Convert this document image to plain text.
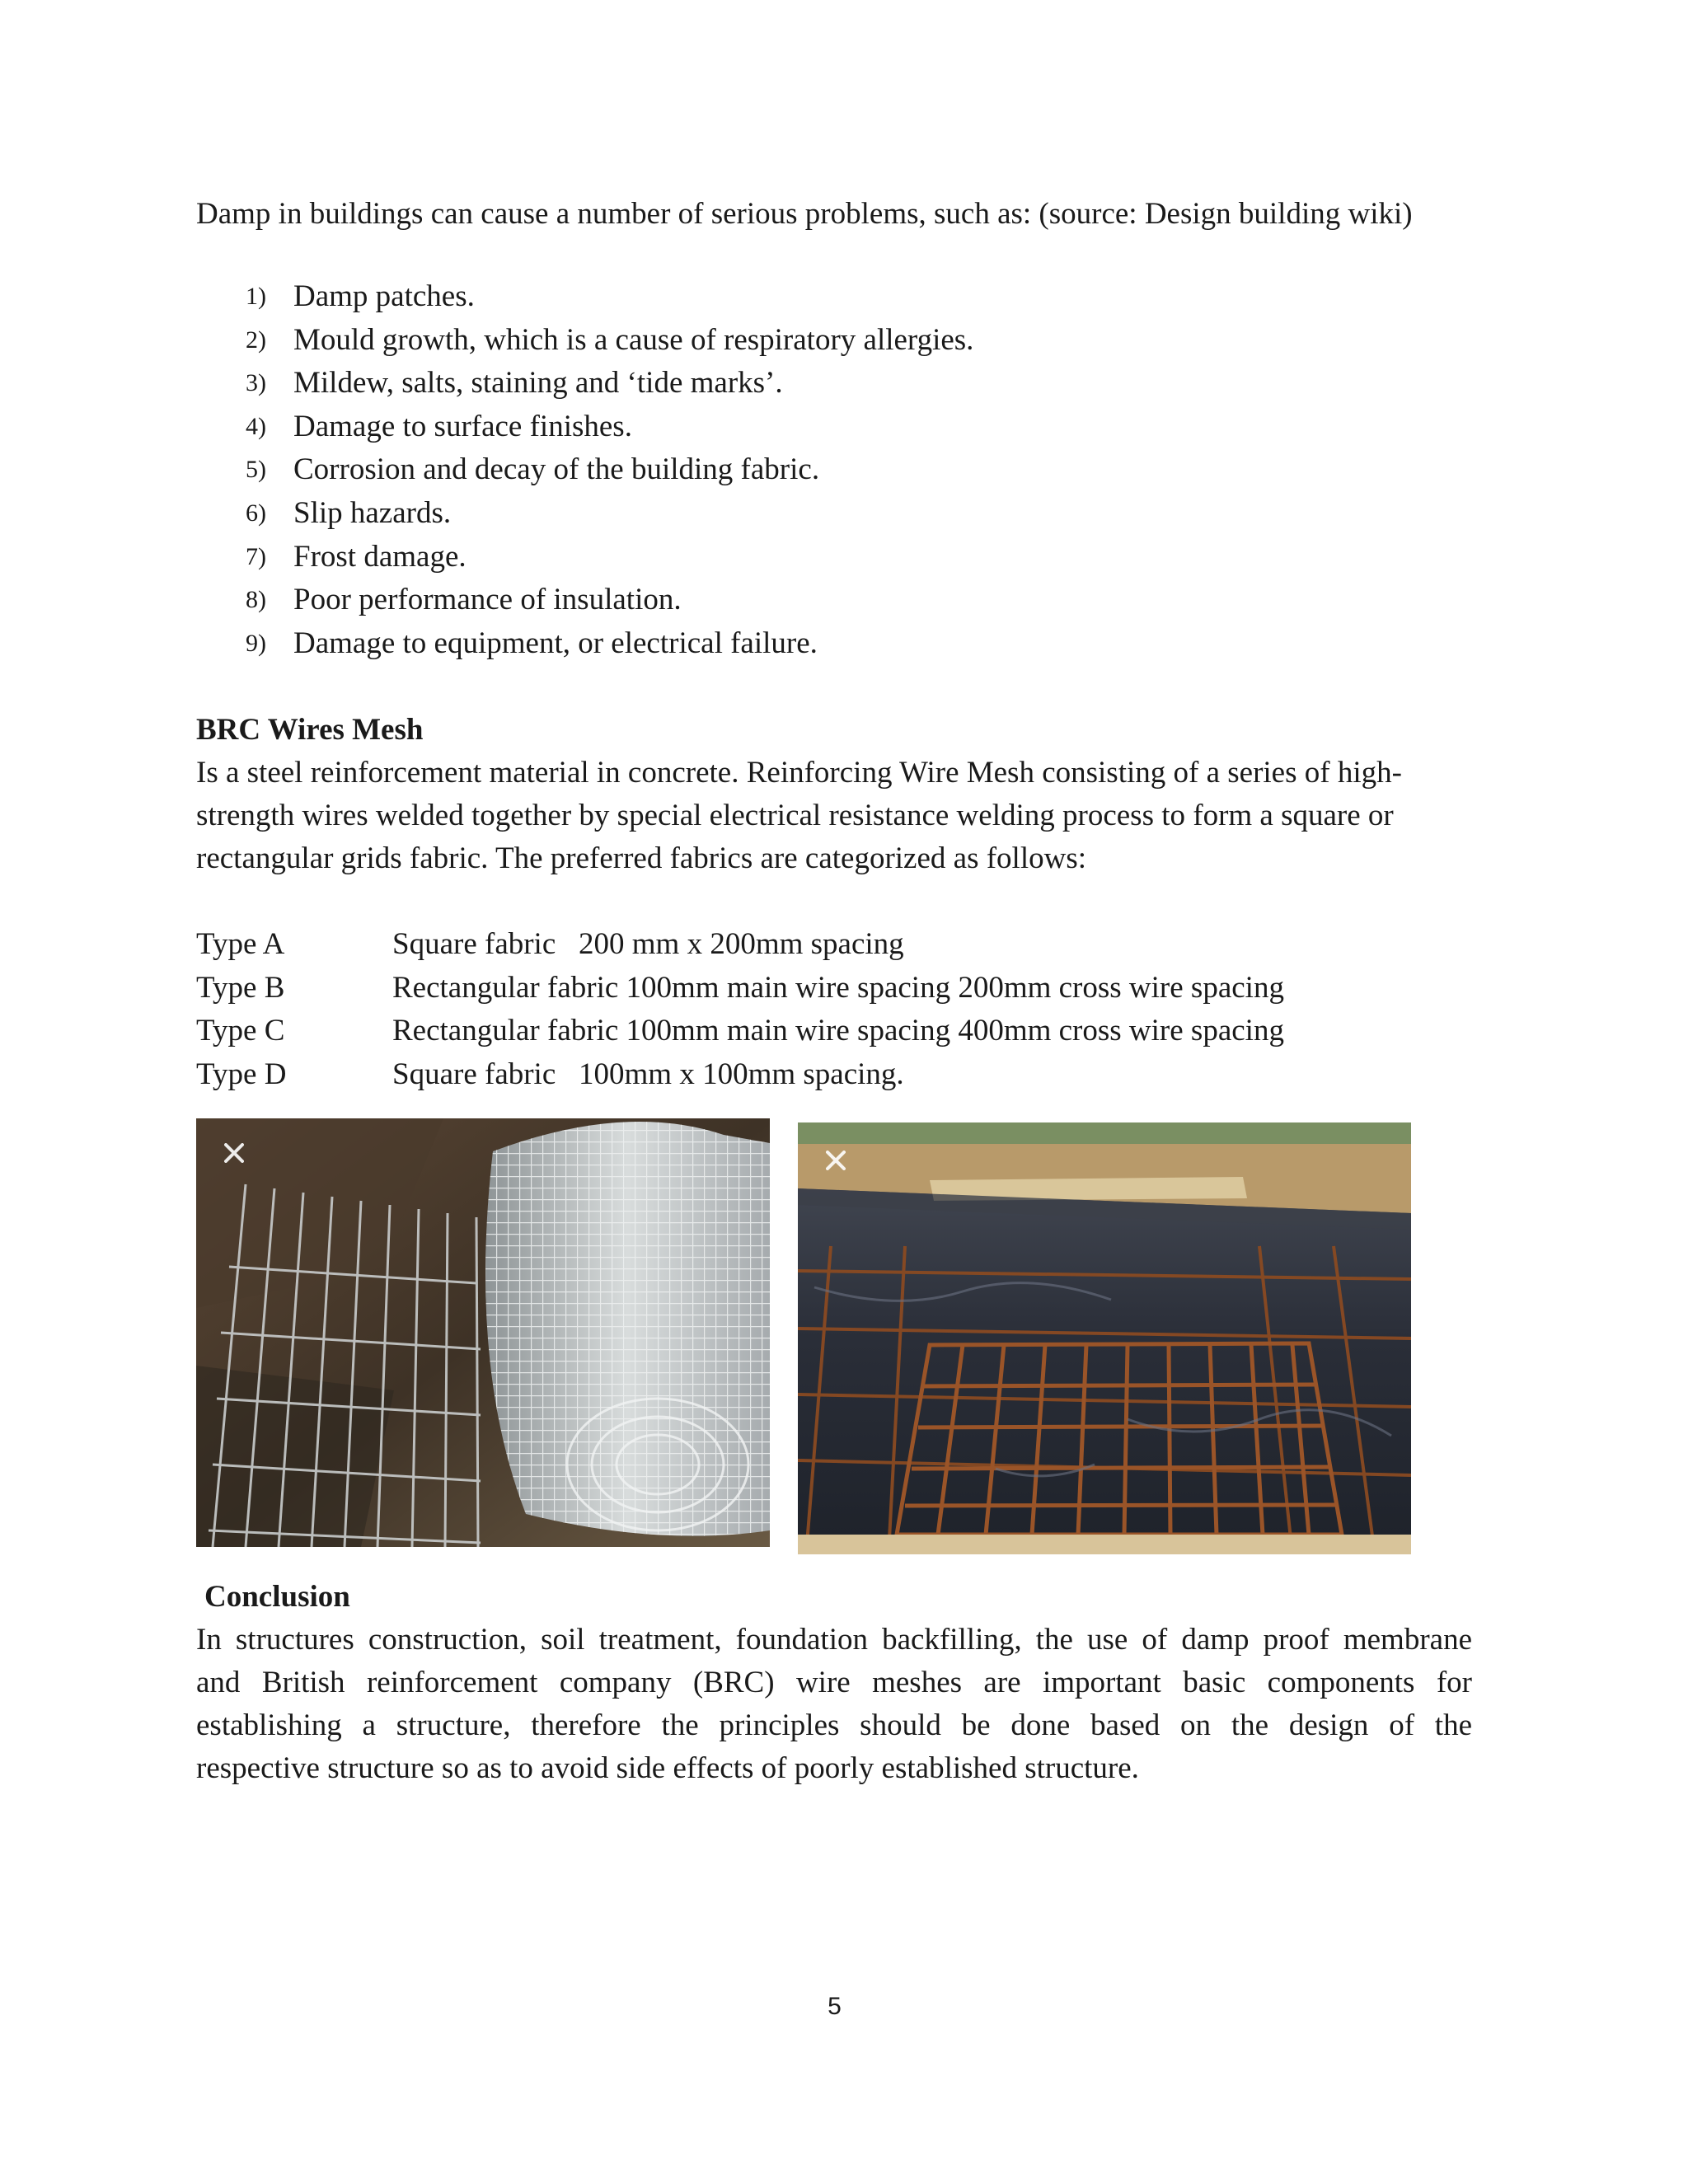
Damp in buildings can cause a number of serious problems, such as: (source: Design building wiki)
1) Damp patches.
2) Mould growth, which is a cause of respiratory allergies.
3) Mildew, salts, staining and ‘tide marks’.
4) Damage to surface finishes.
5) Corrosion and decay of the building fabric.
6) Slip hazards.
7) Frost damage.
8) Poor performance of insulation.
9) Damage to equipment, or electrical failure.
BRC Wires Mesh

Is a steel reinforcement material in concrete. Reinforcing Wire Mesh consisting of a series of high-

strength wires welded together by special electrical resistance welding process to form a square or

rectangular grids fabric. The preferred fabrics are categorized as follows:

Type A	Square fabric   200 mm x 200mm spacing
Type B	Rectangular fabric 100mm main wire spacing 200mm cross wire spacing
Type C	Rectangular fabric 100mm main wire spacing 400mm cross wire spacing
Type D	Square fabric   100mm x 100mm spacing.
Conclusion
In structures construction, soil treatment, foundation backfilling, the use of damp proof membrane
and British reinforcement company (BRC) wire meshes are important basic components for
establishing a structure, therefore the principles should be done based on the design of the
respective structure so as to avoid side effects of poorly established structure.
5
